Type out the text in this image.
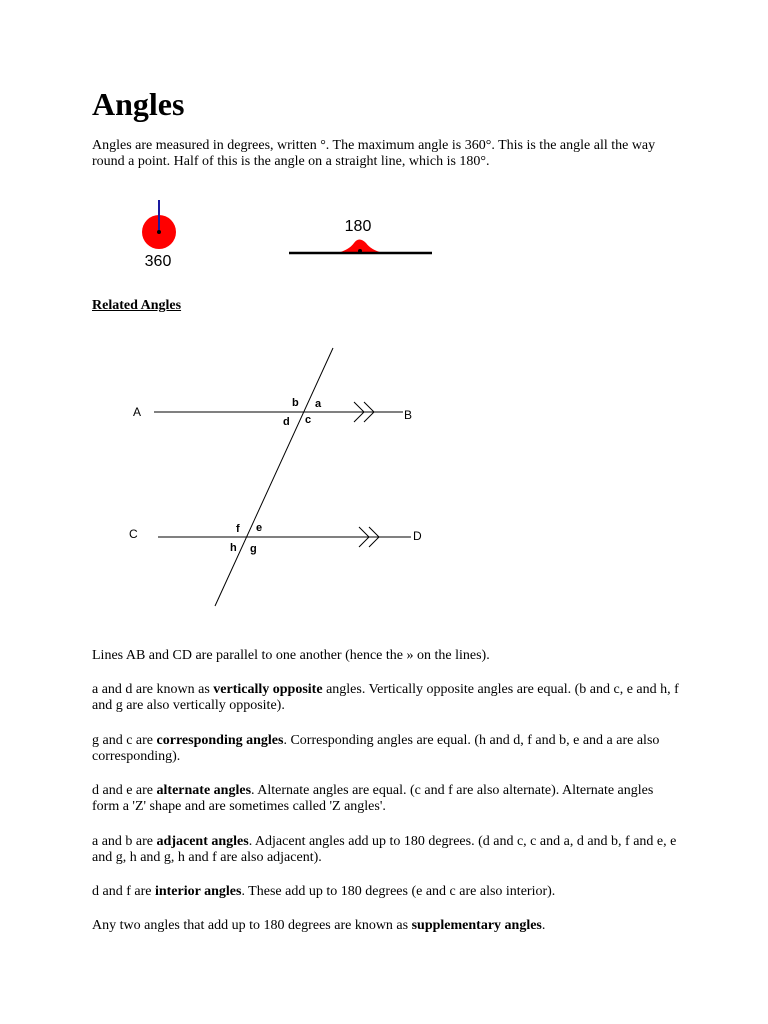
Angles

Angles are measured in degrees, written °. The maximum angle is 360°. This is the angle all the way round a point. Half of this is the angle on a straight line, which is 180°.

360
180

Related Angles

A	B
C	D
b a
d c
f e
h g

Lines AB and CD are parallel to one another (hence the » on the lines).

a and d are known as vertically opposite angles. Vertically opposite angles are equal. (b and c, e and h, f and g are also vertically opposite).

g and c are corresponding angles. Corresponding angles are equal. (h and d, f and b, e and a are also corresponding).

d and e are alternate angles. Alternate angles are equal. (c and f are also alternate). Alternate angles form a 'Z' shape and are sometimes called 'Z angles'.

a and b are adjacent angles. Adjacent angles add up to 180 degrees. (d and c, c and a, d and b, f and e, e and g, h and g, h and f are also adjacent).

d and f are interior angles. These add up to 180 degrees (e and c are also interior).

Any two angles that add up to 180 degrees are known as supplementary angles.
